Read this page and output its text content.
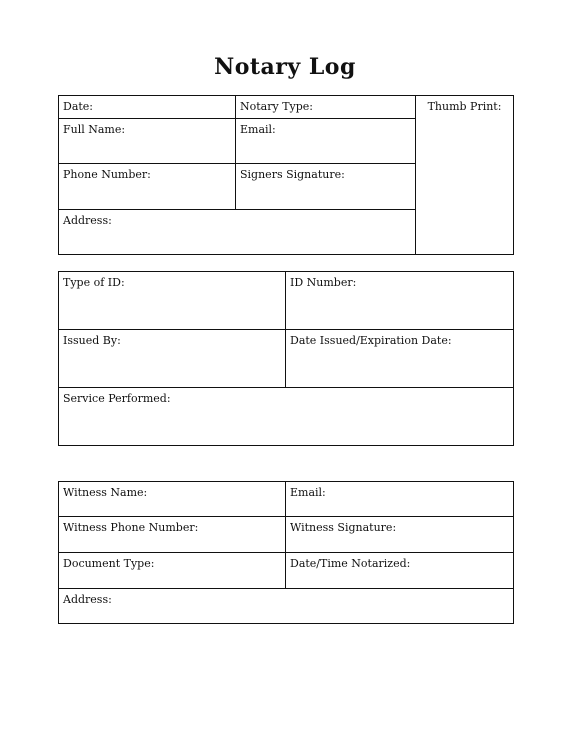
Notary Log
Date:	Notary Type:	Thumb Print:

Full Name:	Email:	

Phone Number:	Signers Signature:	

Address:		
Type of ID:	ID Number:

Issued By:	Date Issued/Expiration Date:

Service Performed:	
Witness Name:	Email:

Witness Phone Number:	Witness Signature:

Document Type:	Date/Time Notarized:

Address:	
